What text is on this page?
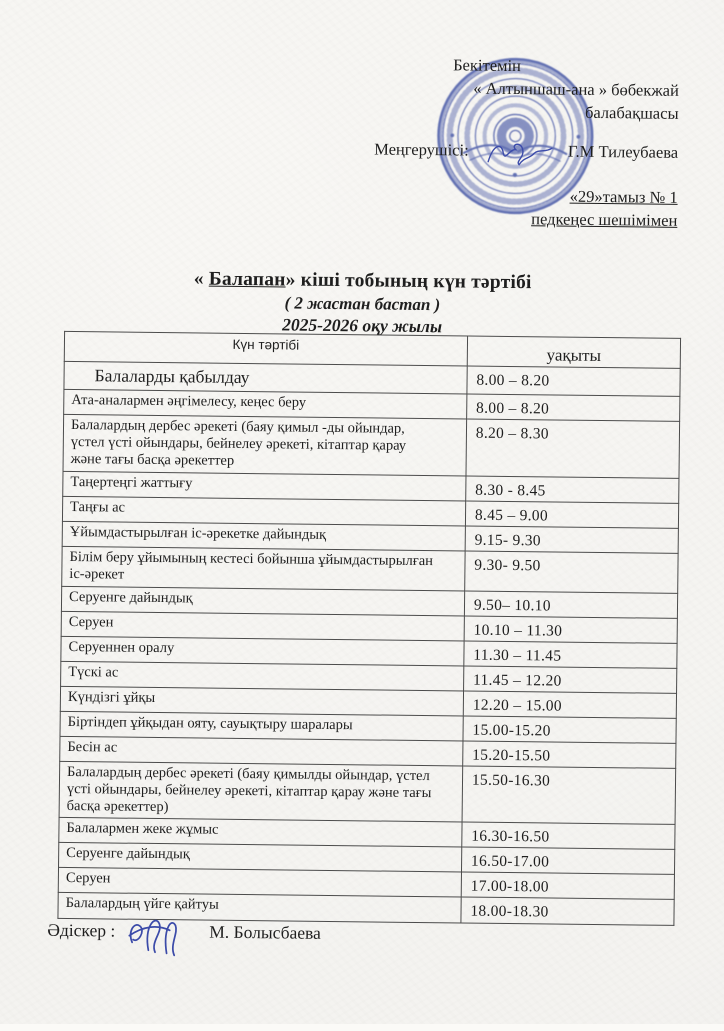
Бекітемін
« Алтыншаш-ана » бөбекжай
балабақшасы
Меңгерушісі:	Г.М Тилеубаева
«29»тамыз № 1
педкеңес шешімімен
« Балапан» кіші тобының күн тәртібі
( 2 жастан бастап )
2025-2026 оқу жылы
Күн тәртібі	уақыты
Балаларды қабылдау	8.00 – 8.20
Ата-аналармен әңгімелесу, кеңес беру	8.00 – 8.20
Балалардың дербес әрекеті (баяу қимыл -ды ойындар, үстел үсті ойындары, бейнелеу әрекеті, кітаптар қарау және тағы басқа әрекеттер	8.20 – 8.30
Таңертеңгі жаттығу	8.30 - 8.45
Таңғы ас	8.45 – 9.00
Ұйымдастырылған іс-әрекетке дайындық	9.15- 9.30
Білім беру ұйымының кестесі бойынша ұйымдастырылған іс-әрекет	9.30- 9.50
Серуенге дайындық	9.50– 10.10
Серуен	10.10 – 11.30
Серуеннен оралу	11.30 – 11.45
Түскі ас	11.45 – 12.20
Күндізгі ұйқы	12.20 – 15.00
Біртіндеп ұйқыдан ояту, сауықтыру шаралары	15.00-15.20
Бесін ас	15.20-15.50
Балалардың дербес әрекеті (баяу қимылды ойындар, үстел үсті ойындары, бейнелеу әрекеті, кітаптар қарау және тағы басқа әрекеттер)	15.50-16.30
Балалармен жеке жұмыс	16.30-16.50
Серуенге дайындық	16.50-17.00
Серуен	17.00-18.00
Балалардың үйге қайтуы	18.00-18.30
Әдіскер :	М. Болысбаева
